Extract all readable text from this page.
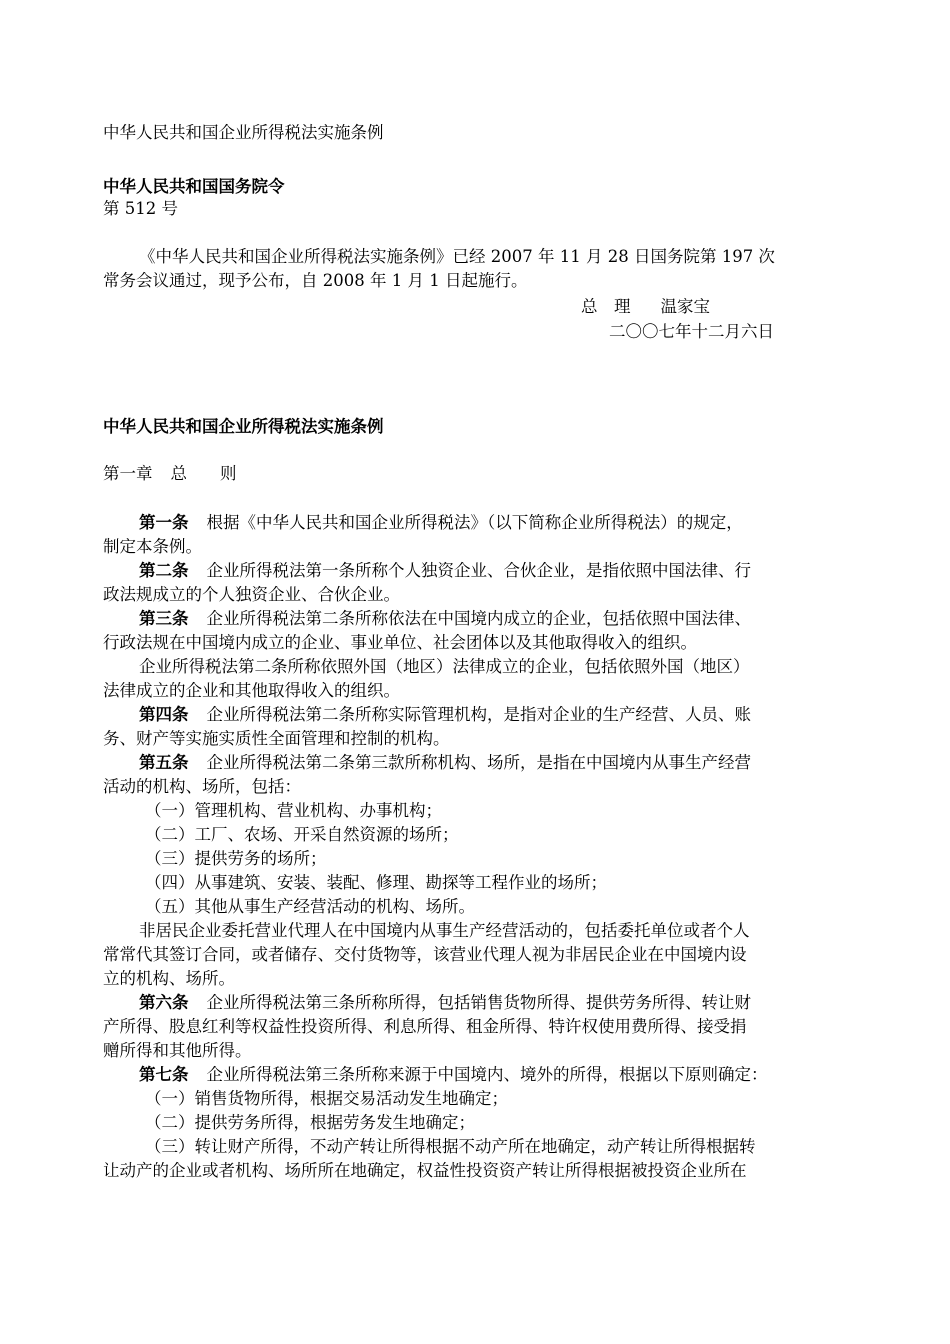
中华人民共和国企业所得税法实施条例
中华人民共和国国务院令
第 512 号
《中华人民共和国企业所得税法实施条例》已经 2007 年 11 月 28 日国务院第 197 次
常务会议通过，现予公布，自 2008 年 1 月 1 日起施行。
总　理 温家宝
二〇〇七年十二月六日
中华人民共和国企业所得税法实施条例
第一章 总　　则
第一条 根据《中华人民共和国企业所得税法》（以下简称企业所得税法）的规定，
制定本条例。
第二条 企业所得税法第一条所称个人独资企业、合伙企业，是指依照中国法律、行
政法规成立的个人独资企业、合伙企业。
第三条 企业所得税法第二条所称依法在中国境内成立的企业，包括依照中国法律、
行政法规在中国境内成立的企业、事业单位、社会团体以及其他取得收入的组织。
企业所得税法第二条所称依照外国（地区）法律成立的企业，包括依照外国（地区）
法律成立的企业和其他取得收入的组织。
第四条 企业所得税法第二条所称实际管理机构，是指对企业的生产经营、人员、账
务、财产等实施实质性全面管理和控制的机构。
第五条 企业所得税法第二条第三款所称机构、场所，是指在中国境内从事生产经营
活动的机构、场所，包括：
（一）管理机构、营业机构、办事机构；
（二）工厂、农场、开采自然资源的场所；
（三）提供劳务的场所；
（四）从事建筑、安装、装配、修理、勘探等工程作业的场所；
（五）其他从事生产经营活动的机构、场所。
非居民企业委托营业代理人在中国境内从事生产经营活动的，包括委托单位或者个人
常常代其签订合同，或者储存、交付货物等，该营业代理人视为非居民企业在中国境内设
立的机构、场所。
第六条 企业所得税法第三条所称所得，包括销售货物所得、提供劳务所得、转让财
产所得、股息红利等权益性投资所得、利息所得、租金所得、特许权使用费所得、接受捐
赠所得和其他所得。
第七条 企业所得税法第三条所称来源于中国境内、境外的所得，根据以下原则确定：
（一）销售货物所得，根据交易活动发生地确定；
（二）提供劳务所得，根据劳务发生地确定；
（三）转让财产所得，不动产转让所得根据不动产所在地确定，动产转让所得根据转
让动产的企业或者机构、场所所在地确定，权益性投资资产转让所得根据被投资企业所在
